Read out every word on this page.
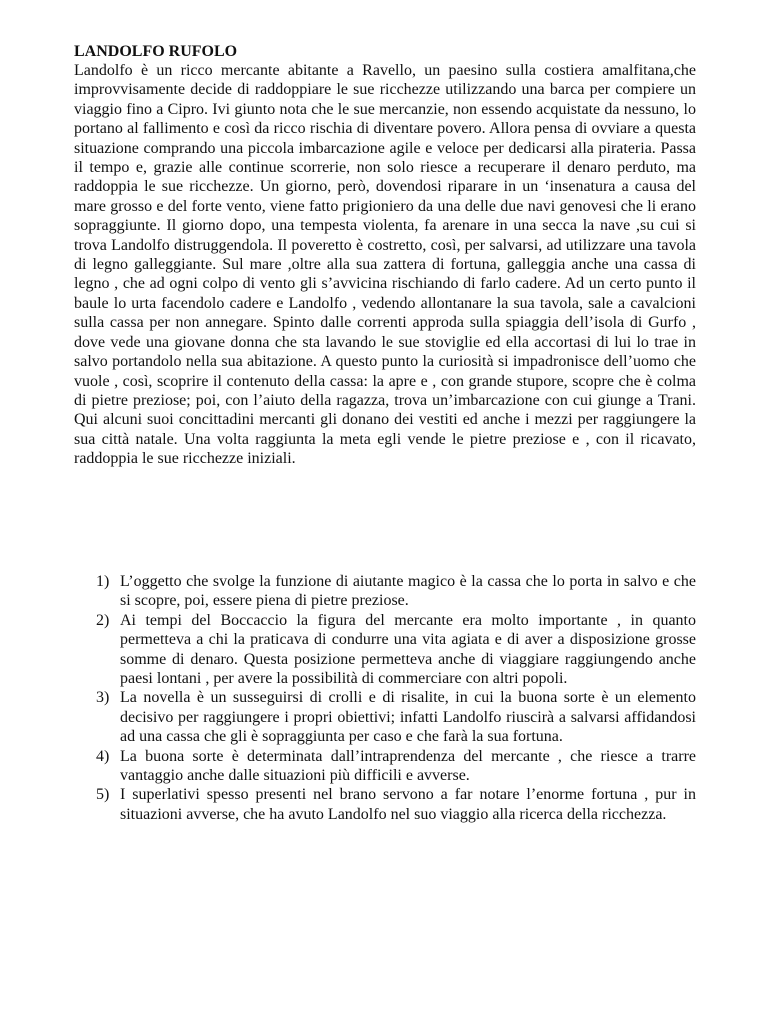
LANDOLFO RUFOLO

Landolfo è un ricco mercante abitante a Ravello, un paesino sulla costiera amalfitana,che improvvisamente decide di raddoppiare le sue ricchezze utilizzando una barca per compiere un viaggio fino a Cipro. Ivi giunto nota che le sue mercanzie, non essendo acquistate da nessuno, lo portano al fallimento e così da ricco rischia di diventare povero. Allora pensa di ovviare a questa situazione comprando una piccola imbarcazione agile e veloce per dedicarsi alla pirateria. Passa il tempo e, grazie alle continue scorrerie, non solo riesce a recuperare il denaro perduto, ma raddoppia le sue ricchezze. Un giorno, però, dovendosi riparare in un ‘insenatura a causa del mare grosso e del forte vento, viene fatto prigioniero da una delle due navi genovesi che li erano sopraggiunte. Il giorno dopo, una tempesta violenta, fa arenare in una secca la nave ,su cui si trova Landolfo distruggendola. Il poveretto è costretto, così, per salvarsi, ad utilizzare una tavola di legno galleggiante. Sul mare ,oltre alla sua zattera di fortuna, galleggia anche una cassa di legno , che ad ogni colpo di vento gli s’avvicina rischiando di farlo cadere. Ad un certo punto il baule lo urta facendolo cadere e Landolfo , vedendo allontanare la sua tavola, sale a cavalcioni sulla cassa per non annegare. Spinto dalle correnti approda sulla spiaggia dell’isola di Gurfo , dove vede una giovane donna che sta lavando le sue stoviglie ed ella accortasi di lui lo trae in salvo portandolo nella sua abitazione. A questo punto la curiosità si impadronisce dell’uomo che vuole , così, scoprire il contenuto della cassa: la apre e , con grande stupore, scopre che è colma di pietre preziose; poi, con l’aiuto della ragazza, trova un’imbarcazione con cui giunge a Trani. Qui alcuni suoi concittadini mercanti gli donano dei vestiti ed anche i mezzi per raggiungere la sua città natale. Una volta raggiunta la meta egli vende le pietre preziose e , con il ricavato, raddoppia le sue ricchezze iniziali.

1) L’oggetto che svolge la funzione di aiutante magico è la cassa che lo porta in salvo e che si scopre, poi, essere piena di pietre preziose.
2) Ai tempi del Boccaccio la figura del mercante era molto importante , in quanto permetteva a chi la praticava di condurre una vita agiata e di aver a disposizione grosse somme di denaro. Questa posizione permetteva anche di viaggiare raggiungendo anche paesi lontani , per avere la possibilità di commerciare con altri popoli.
3) La novella è un susseguirsi di crolli e di risalite, in cui la buona sorte è un elemento decisivo per raggiungere i propri obiettivi; infatti Landolfo riuscirà a salvarsi affidandosi ad una cassa che gli è sopraggiunta per caso e che farà la sua fortuna.
4) La buona sorte è determinata dall’intraprendenza del mercante , che riesce a trarre vantaggio anche dalle situazioni più difficili e avverse.
5) I superlativi spesso presenti nel brano servono a far notare l’enorme fortuna , pur in situazioni avverse, che ha avuto Landolfo nel suo viaggio alla ricerca della ricchezza.
